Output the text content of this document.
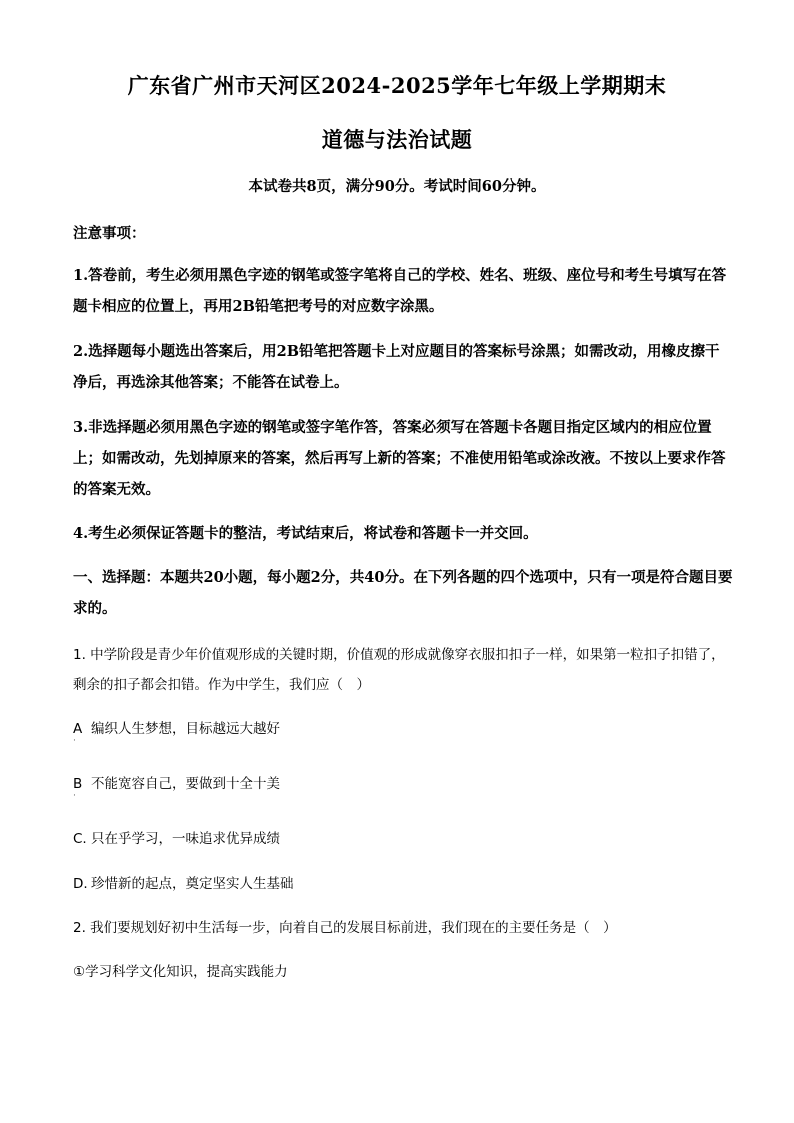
广东省广州市天河区2024-2025学年七年级上学期期末
道德与法治试题
本试卷共8页，满分90分。考试时间60分钟。
注意事项：
1.答卷前，考生必须用黑色字迹的钢笔或签字笔将自己的学校、姓名、班级、座位号和考生号填写在答题卡相应的位置上，再用2B铅笔把考号的对应数字涂黑。
2.选择题每小题选出答案后，用2B铅笔把答题卡上对应题目的答案标号涂黑；如需改动，用橡皮擦干净后，再选涂其他答案；不能答在试卷上。
3.非选择题必须用黑色字迹的钢笔或签字笔作答，答案必须写在答题卡各题目指定区域内的相应位置上；如需改动，先划掉原来的答案，然后再写上新的答案；不准使用铅笔或涂改液。不按以上要求作答的答案无效。
4.考生必须保证答题卡的整洁，考试结束后，将试卷和答题卡一并交回。
一、选择题：本题共20小题，每小题2分，共40分。在下列各题的四个选项中，只有一项是符合题目要求的。
1. 中学阶段是青少年价值观形成的关键时期，价值观的形成就像穿衣服扣扣子一样，如果第一粒扣子扣错了，剩余的扣子都会扣错。作为中学生，我们应（　）
A 编织人生梦想，目标越远大越好
·
B 不能宽容自己，要做到十全十美
·
C. 只在乎学习，一味追求优异成绩
D. 珍惜新的起点，奠定坚实人生基础
2. 我们要规划好初中生活每一步，向着自己的发展目标前进，我们现在的主要任务是（　）
①学习科学文化知识，提高实践能力
